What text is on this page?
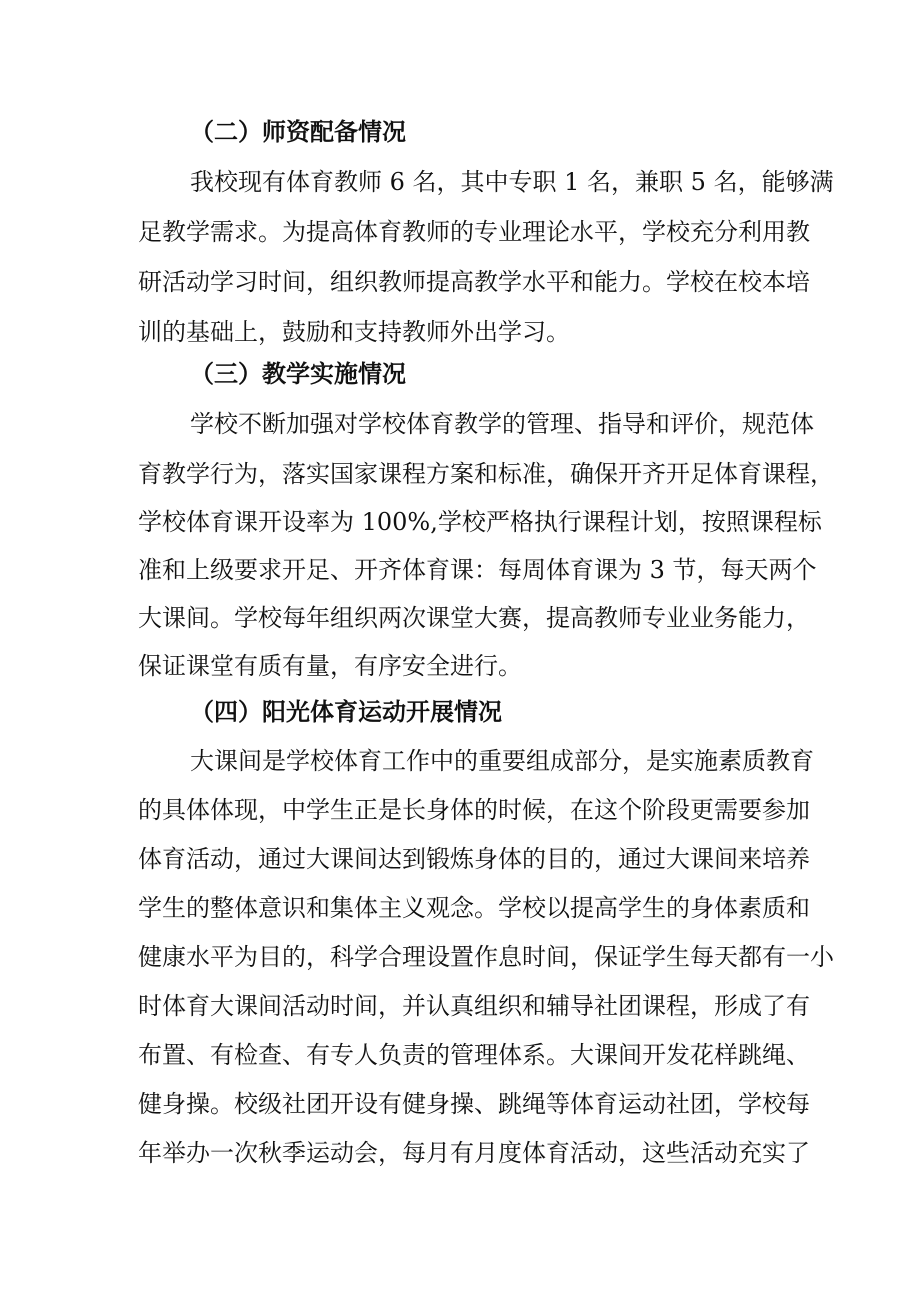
（二）师资配备情况
我校现有体育教师 6 名，其中专职 1 名，兼职 5 名，能够满
足教学需求。为提高体育教师的专业理论水平，学校充分利用教
研活动学习时间，组织教师提高教学水平和能力。学校在校本培
训的基础上，鼓励和支持教师外出学习。
（三）教学实施情况
学校不断加强对学校体育教学的管理、指导和评价，规范体
育教学行为，落实国家课程方案和标准，确保开齐开足体育课程，
学校体育课开设率为 100%,学校严格执行课程计划，按照课程标
准和上级要求开足、开齐体育课：每周体育课为 3 节，每天两个
大课间。学校每年组织两次课堂大赛，提高教师专业业务能力，
保证课堂有质有量，有序安全进行。
（四）阳光体育运动开展情况
大课间是学校体育工作中的重要组成部分，是实施素质教育
的具体体现，中学生正是长身体的时候，在这个阶段更需要参加
体育活动，通过大课间达到锻炼身体的目的，通过大课间来培养
学生的整体意识和集体主义观念。学校以提高学生的身体素质和
健康水平为目的，科学合理设置作息时间，保证学生每天都有一小
时体育大课间活动时间，并认真组织和辅导社团课程，形成了有
布置、有检查、有专人负责的管理体系。大课间开发花样跳绳、
健身操。校级社团开设有健身操、跳绳等体育运动社团，学校每
年举办一次秋季运动会，每月有月度体育活动，这些活动充实了
